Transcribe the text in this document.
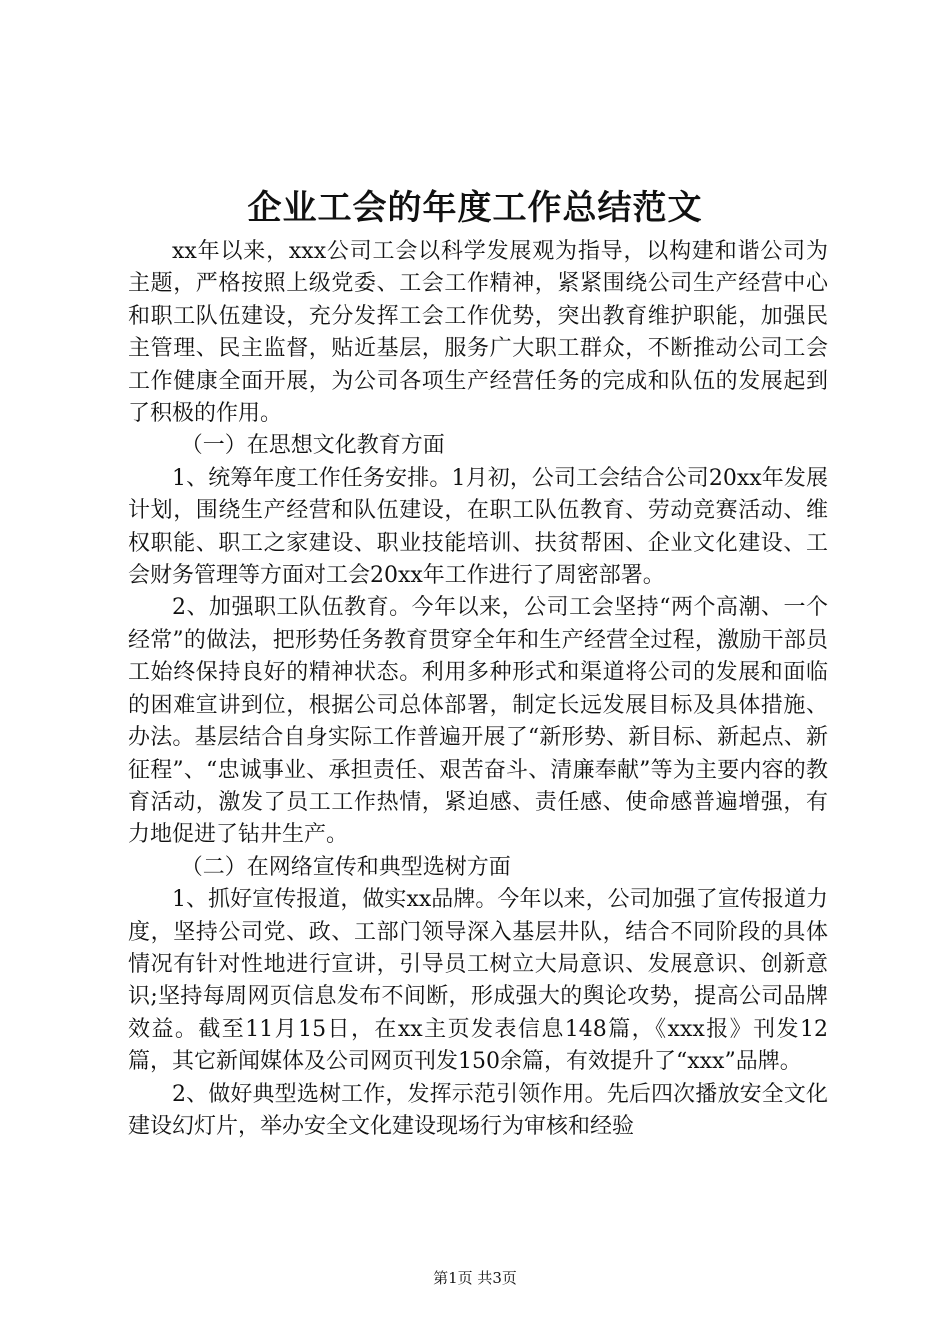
企业工会的年度工作总结范文

xx年以来，xxx公司工会以科学发展观为指导，以构建和谐公司为主题，严格按照上级党委、工会工作精神，紧紧围绕公司生产经营中心和职工队伍建设，充分发挥工会工作优势，突出教育维护职能，加强民主管理、民主监督，贴近基层，服务广大职工群众，不断推动公司工会工作健康全面开展，为公司各项生产经营任务的完成和队伍的发展起到了积极的作用。

（一）在思想文化教育方面

1、统筹年度工作任务安排。1月初，公司工会结合公司20xx年发展计划，围绕生产经营和队伍建设，在职工队伍教育、劳动竞赛活动、维权职能、职工之家建设、职业技能培训、扶贫帮困、企业文化建设、工会财务管理等方面对工会20xx年工作进行了周密部署。

2、加强职工队伍教育。今年以来，公司工会坚持“两个高潮、一个经常”的做法，把形势任务教育贯穿全年和生产经营全过程，激励干部员工始终保持良好的精神状态。利用多种形式和渠道将公司的发展和面临的困难宣讲到位，根据公司总体部署，制定长远发展目标及具体措施、办法。基层结合自身实际工作普遍开展了“新形势、新目标、新起点、新征程”、“忠诚事业、承担责任、艰苦奋斗、清廉奉献”等为主要内容的教育活动，激发了员工工作热情，紧迫感、责任感、使命感普遍增强，有力地促进了钻井生产。

（二）在网络宣传和典型选树方面

1、抓好宣传报道，做实xx品牌。今年以来，公司加强了宣传报道力度，坚持公司党、政、工部门领导深入基层井队，结合不同阶段的具体情况有针对性地进行宣讲，引导员工树立大局意识、发展意识、创新意识;坚持每周网页信息发布不间断，形成强大的舆论攻势，提高公司品牌效益。截至11月15日，在xx主页发表信息148篇，《xxx报》刊发12篇，其它新闻媒体及公司网页刊发150余篇，有效提升了“xxx”品牌。

2、做好典型选树工作，发挥示范引领作用。先后四次播放安全文化建设幻灯片，举办安全文化建设现场行为审核和经验

第1页 共3页
